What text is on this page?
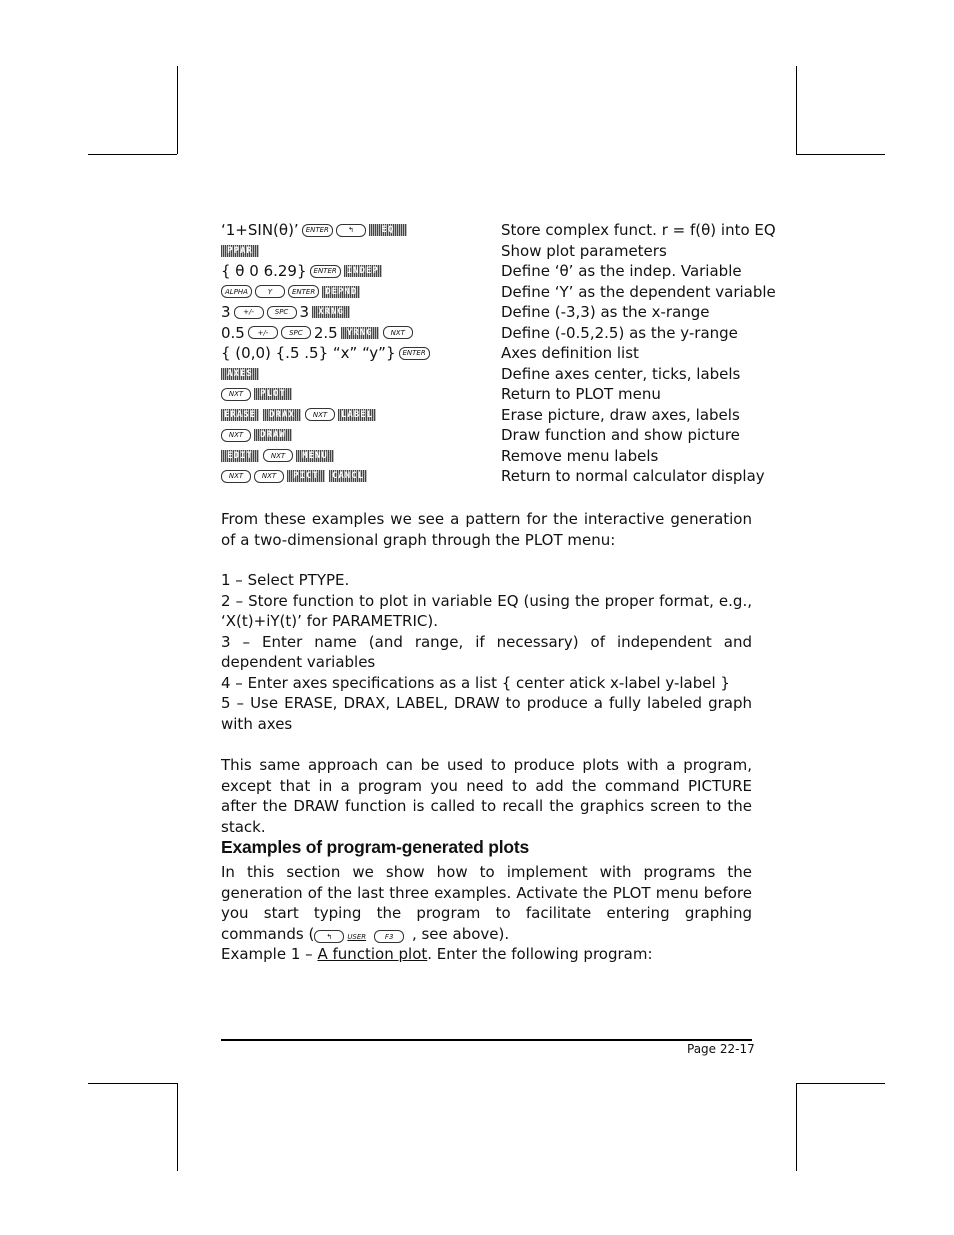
‘1+SIN(θ)’	ENTER	↰	EQ	Store complex funct. r = f(θ) into EQ
PPAR	Show plot parameters
{ θ 0 6.29}	ENTER	INDEP	Define ‘θ’ as the indep. Variable
ALPHA	Y	ENTER	DEPND	Define ‘Y’ as the dependent variable
3	+/-	SPC 3	XRNG	Define (-3,3) as the x-range
0.5	+/-	SPC 2.5	YRNG	NXT	Define (-0.5,2.5) as the y-range
{ (0,0) {.5 .5} “x” “y”}	ENTER	Axes definition list
AXES	Define axes center, ticks, labels
NXT	PLOT	Return to PLOT menu
ERASE	DRAX	NXT	LABEL	Erase picture, draw axes, labels
NXT	DRAW	Draw function and show picture
EDIT	NXT	MENU	Remove menu labels
NXT	NXT	PICT	CANCL	Return to normal calculator display

From these examples we see a pattern for the interactive generation of a two-dimensional graph through the PLOT menu:

1 – Select PTYPE.

2 – Store function to plot in variable EQ (using the proper format, e.g., ‘X(t)+iY(t)’ for PARAMETRIC).

3 – Enter name (and range, if necessary) of independent and dependent variables

4 – Enter axes specifications as a list { center atick x-label y-label }

5 – Use ERASE, DRAX, LABEL, DRAW to produce a fully labeled graph with axes

This same approach can be used to produce plots with a program, except that in a program you need to add the command PICTURE after the DRAW function is called to recall the graphics screen to the stack.

Examples of program-generated plots

In this section we show how to implement with programs the generation of the last three examples. Activate the PLOT menu before you start typing the program to facilitate entering graphing commands ( ↰ USER	F3 , see above).

Example 1 – A function plot. Enter the following program:

Page 22-17
